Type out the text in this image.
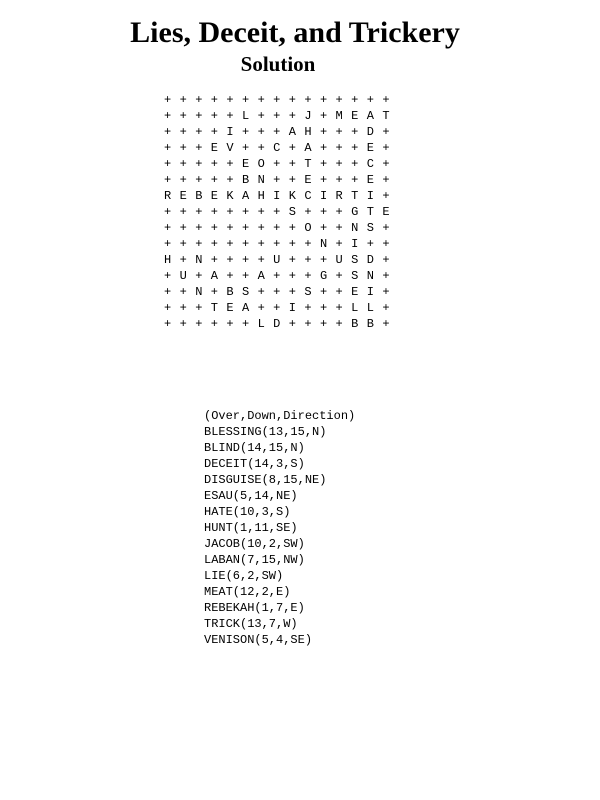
Lies, Deceit, and Trickery
Solution
+ + + + + + + + + + + + + + +
+ + + + + L + + + J + M E A T
+ + + + I + + + A H + + + D +
+ + + E V + + C + A + + + E +
+ + + + + E O + + T + + + C +
+ + + + + B N + + E + + + E +
R E B E K A H I K C I R T I +
+ + + + + + + + S + + + G T E
+ + + + + + + + + O + + N S +
+ + + + + + + + + + N + I + +
H + N + + + + U + + + U S D +
+ U + A + + A + + + G + S N +
+ + N + B S + + + S + + E I +
+ + + T E A + + I + + + L L +
+ + + + + + L D + + + + B B +
(Over,Down,Direction)
BLESSING(13,15,N)
BLIND(14,15,N)
DECEIT(14,3,S)
DISGUISE(8,15,NE)
ESAU(5,14,NE)
HATE(10,3,S)
HUNT(1,11,SE)
JACOB(10,2,SW)
LABAN(7,15,NW)
LIE(6,2,SW)
MEAT(12,2,E)
REBEKAH(1,7,E)
TRICK(13,7,W)
VENISON(5,4,SE)
